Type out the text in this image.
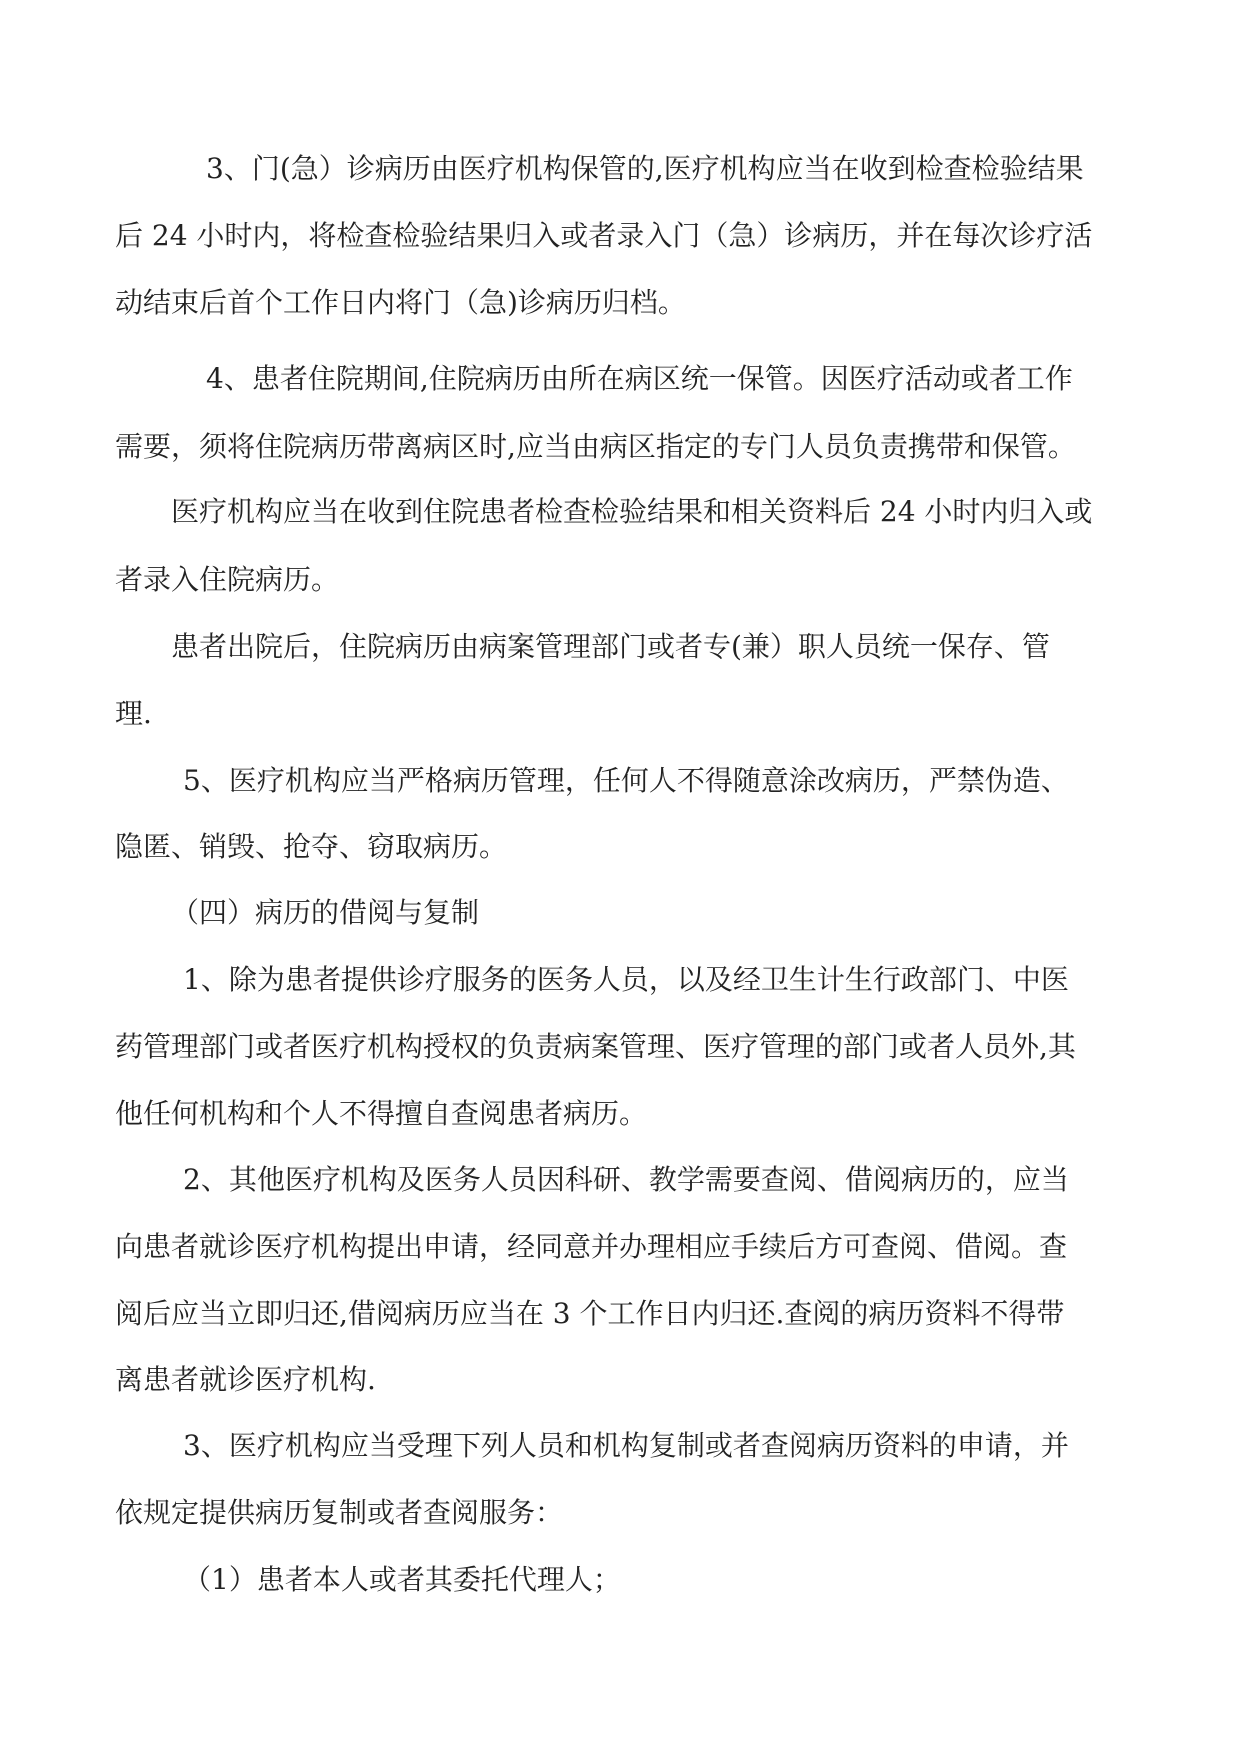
3、门(急）诊病历由医疗机构保管的,医疗机构应当在收到检查检验结果
后 24 小时内，将检查检验结果归入或者录入门（急）诊病历，并在每次诊疗活
动结束后首个工作日内将门（急)诊病历归档。
4、患者住院期间,住院病历由所在病区统一保管。因医疗活动或者工作
需要，须将住院病历带离病区时,应当由病区指定的专门人员负责携带和保管。
医疗机构应当在收到住院患者检查检验结果和相关资料后 24 小时内归入或
者录入住院病历。
患者出院后，住院病历由病案管理部门或者专(兼）职人员统一保存、管
理.
5、医疗机构应当严格病历管理，任何人不得随意涂改病历，严禁伪造、
隐匿、销毁、抢夺、窃取病历。
（四）病历的借阅与复制
1、除为患者提供诊疗服务的医务人员，以及经卫生计生行政部门、中医
药管理部门或者医疗机构授权的负责病案管理、医疗管理的部门或者人员外,其
他任何机构和个人不得擅自查阅患者病历。
2、其他医疗机构及医务人员因科研、教学需要查阅、借阅病历的，应当
向患者就诊医疗机构提出申请，经同意并办理相应手续后方可查阅、借阅。查
阅后应当立即归还,借阅病历应当在 3 个工作日内归还.查阅的病历资料不得带
离患者就诊医疗机构.
3、医疗机构应当受理下列人员和机构复制或者查阅病历资料的申请，并
依规定提供病历复制或者查阅服务：
（1）患者本人或者其委托代理人；
